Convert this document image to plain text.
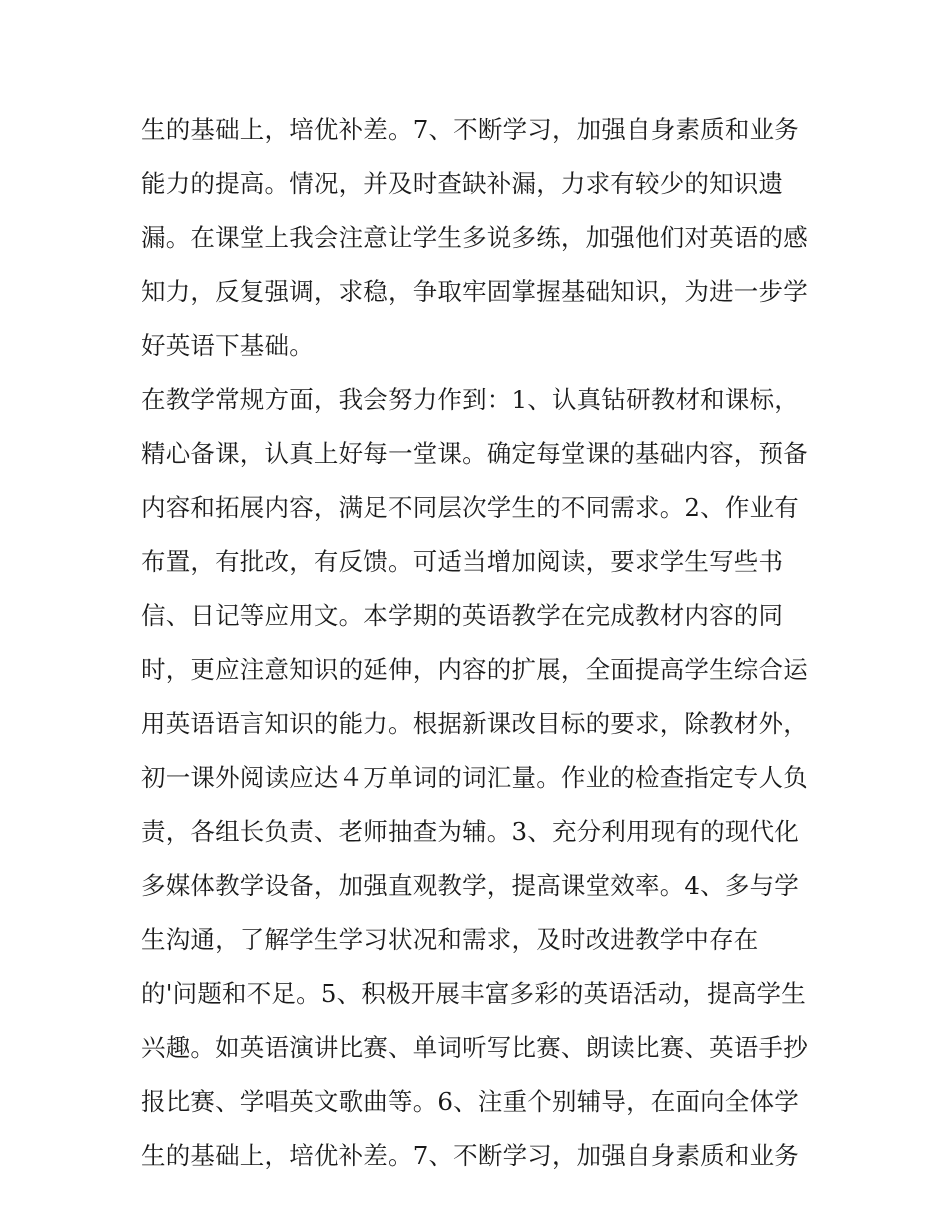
生的基础上，培优补差。7、不断学习，加强自身素质和业务
能力的提高。情况，并及时查缺补漏，力求有较少的知识遗
漏。在课堂上我会注意让学生多说多练，加强他们对英语的感
知力，反复强调，求稳，争取牢固掌握基础知识，为进一步学
好英语下基础。
在教学常规方面，我会努力作到：1、认真钻研教材和课标，
精心备课，认真上好每一堂课。确定每堂课的基础内容，预备
内容和拓展内容，满足不同层次学生的不同需求。2、作业有
布置，有批改，有反馈。可适当增加阅读，要求学生写些书
信、日记等应用文。本学期的英语教学在完成教材内容的同
时，更应注意知识的延伸，内容的扩展，全面提高学生综合运
用英语语言知识的能力。根据新课改目标的要求，除教材外，
初一课外阅读应达４万单词的词汇量。作业的检查指定专人负
责，各组长负责、老师抽查为辅。3、充分利用现有的现代化
多媒体教学设备，加强直观教学，提高课堂效率。4、多与学
生沟通，了解学生学习状况和需求，及时改进教学中存在
的'问题和不足。5、积极开展丰富多彩的英语活动，提高学生
兴趣。如英语演讲比赛、单词听写比赛、朗读比赛、英语手抄
报比赛、学唱英文歌曲等。6、注重个别辅导，在面向全体学
生的基础上，培优补差。7、不断学习，加强自身素质和业务
